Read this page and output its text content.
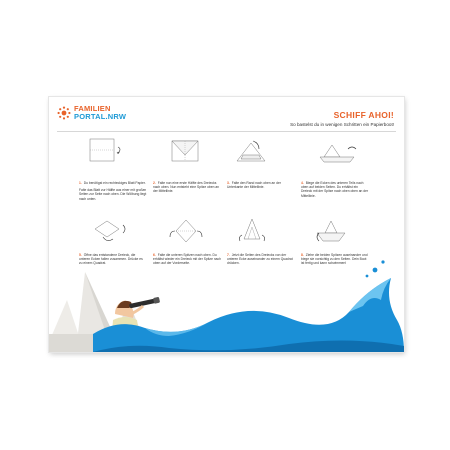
FAMILIEN
PORTAL.NRW	SCHIFF AHOI!
So bastelst du in wenigen Schritten ein Papierboot!
1. Du benötigst ein rechteckiges Blatt Papier.
Falte das Blatt zur Hälfte aus einer mit großen Seiten zur Seite nach oben. Die Wölbung liegt nach unten.
2. Falte nun eine erste Hälfte des Dreiecks nach oben. Nun entsteht eine Spitze oben an der Mittellinie.
3. Falte den Rand nach oben an der Unterkante der Mittellinie.
4. Biege die Ecken des unteren Teils nach oben auf beiden Seiten. Du erhältst ein Dreieck mit der Spitze nach oben oben an der Mittellinie.
5. Öffne das entstandene Dreieck, die unteren Ecken fallen zusammen. Drücke es zu einem Quadrat.
6. Falte die unteren Spitzen nach oben. Du erhältst wieder ein Dreieck mit der Spitze nach oben auf der Vorderseite.
7. Jetzt die Seiten des Dreiecks von der unteren Ecke auseinander zu einem Quadrat drücken.
8. Ziehe die beiden Spitzen auseinander und biege sie vorsichtig zu den Seiten. Dein Boot ist fertig und kann schwimmen!
